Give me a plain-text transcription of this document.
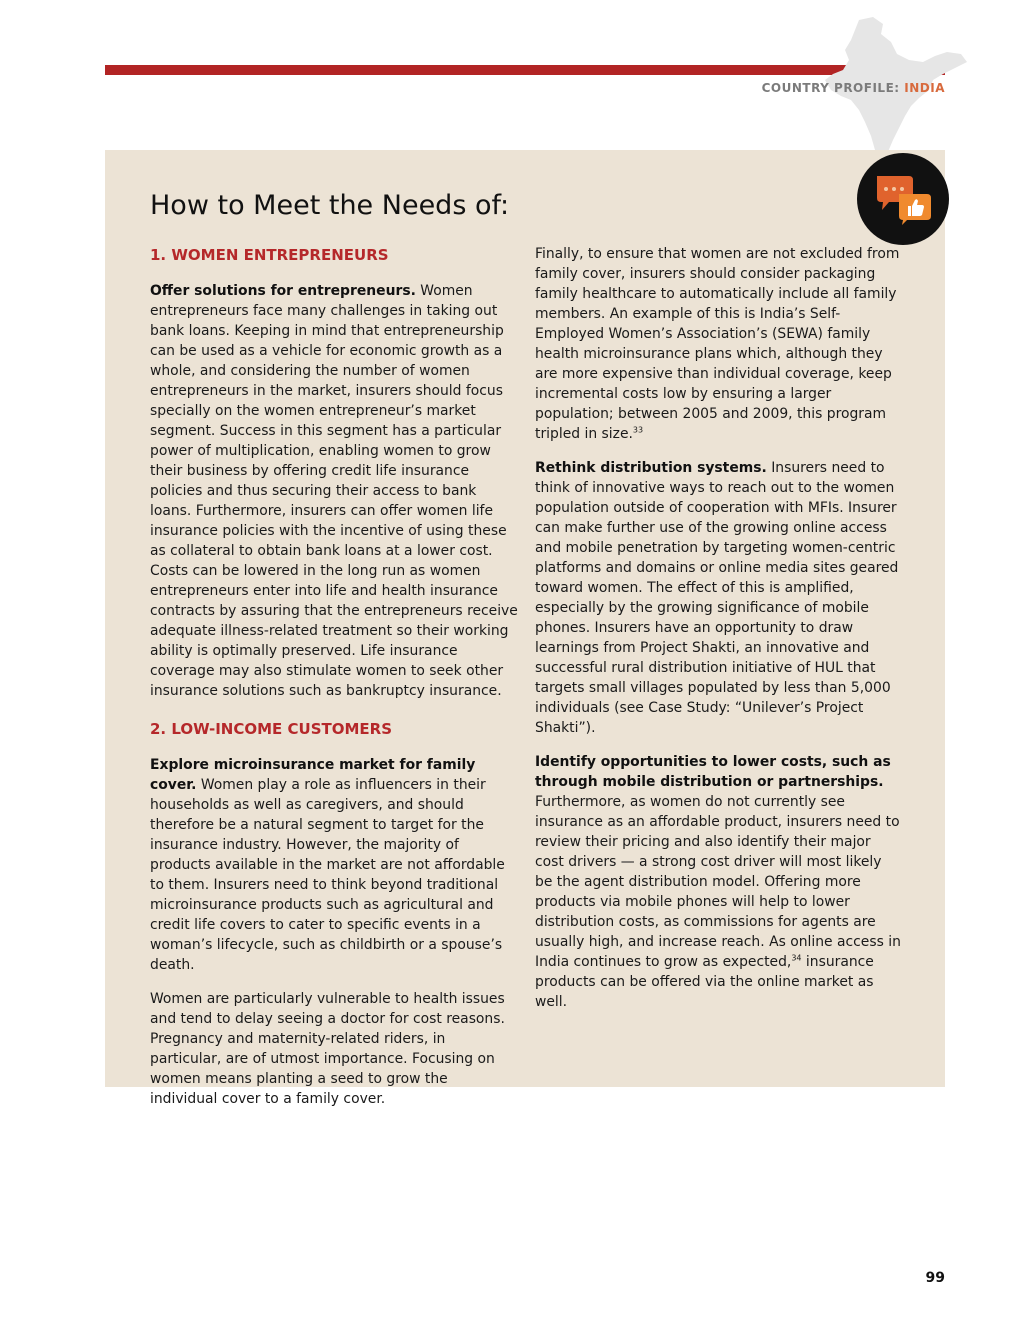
COUNTRY PROFILE: INDIA
How to Meet the Needs of:
1. WOMEN ENTREPRENEURS

Offer solutions for entrepreneurs. Women entrepreneurs face many challenges in taking out bank loans. Keeping in mind that entrepreneurship can be used as a vehicle for economic growth as a whole, and considering the number of women entrepreneurs in the market, insurers should focus specially on the women entrepreneur’s market segment. Success in this segment has a particular power of multiplication, enabling women to grow their business by offering credit life insurance policies and thus securing their access to bank loans. Furthermore, insurers can offer women life insurance policies with the incentive of using these as collateral to obtain bank loans at a lower cost. Costs can be lowered in the long run as women entrepreneurs enter into life and health insurance contracts by assuring that the entrepreneurs receive adequate illness-related treatment so their working ability is optimally preserved. Life insurance coverage may also stimulate women to seek other insurance solutions such as bankruptcy insurance.

2. LOW-INCOME CUSTOMERS

Explore microinsurance market for family cover. Women play a role as influencers in their households as well as caregivers, and should therefore be a natural segment to target for the insurance industry. However, the majority of products available in the market are not affordable to them. Insurers need to think beyond traditional microinsurance products such as agricultural and credit life covers to cater to specific events in a woman’s lifecycle, such as childbirth or a spouse’s death.

Women are particularly vulnerable to health issues and tend to delay seeing a doctor for cost reasons. Pregnancy and maternity-related riders, in particular, are of utmost importance. Focusing on women means planting a seed to grow the individual cover to a family cover.

Finally, to ensure that women are not excluded from family cover, insurers should consider packaging family healthcare to automatically include all family members. An example of this is India’s Self-Employed Women’s Association’s (SEWA) family health microinsurance plans which, although they are more expensive than individual coverage, keep incremental costs low by ensuring a larger population; between 2005 and 2009, this program tripled in size.$^{33}$

Rethink distribution systems. Insurers need to think of innovative ways to reach out to the women population outside of cooperation with MFIs. Insurer can make further use of the growing online access and mobile penetration by targeting women-centric platforms and domains or online media sites geared toward women. The effect of this is amplified, especially by the growing significance of mobile phones. Insurers have an opportunity to draw learnings from Project Shakti, an innovative and successful rural distribution initiative of HUL that targets small villages populated by less than 5,000 individuals (see Case Study: “Unilever’s Project Shakti”).

Identify opportunities to lower costs, such as through mobile distribution or partnerships. Furthermore, as women do not currently see insurance as an affordable product, insurers need to review their pricing and also identify their major cost drivers — a strong cost driver will most likely be the agent distribution model. Offering more products via mobile phones will help to lower distribution costs, as commissions for agents are usually high, and increase reach. As online access in India continues to grow as expected,$^{34}$ insurance products can be offered via the online market as well.

99
